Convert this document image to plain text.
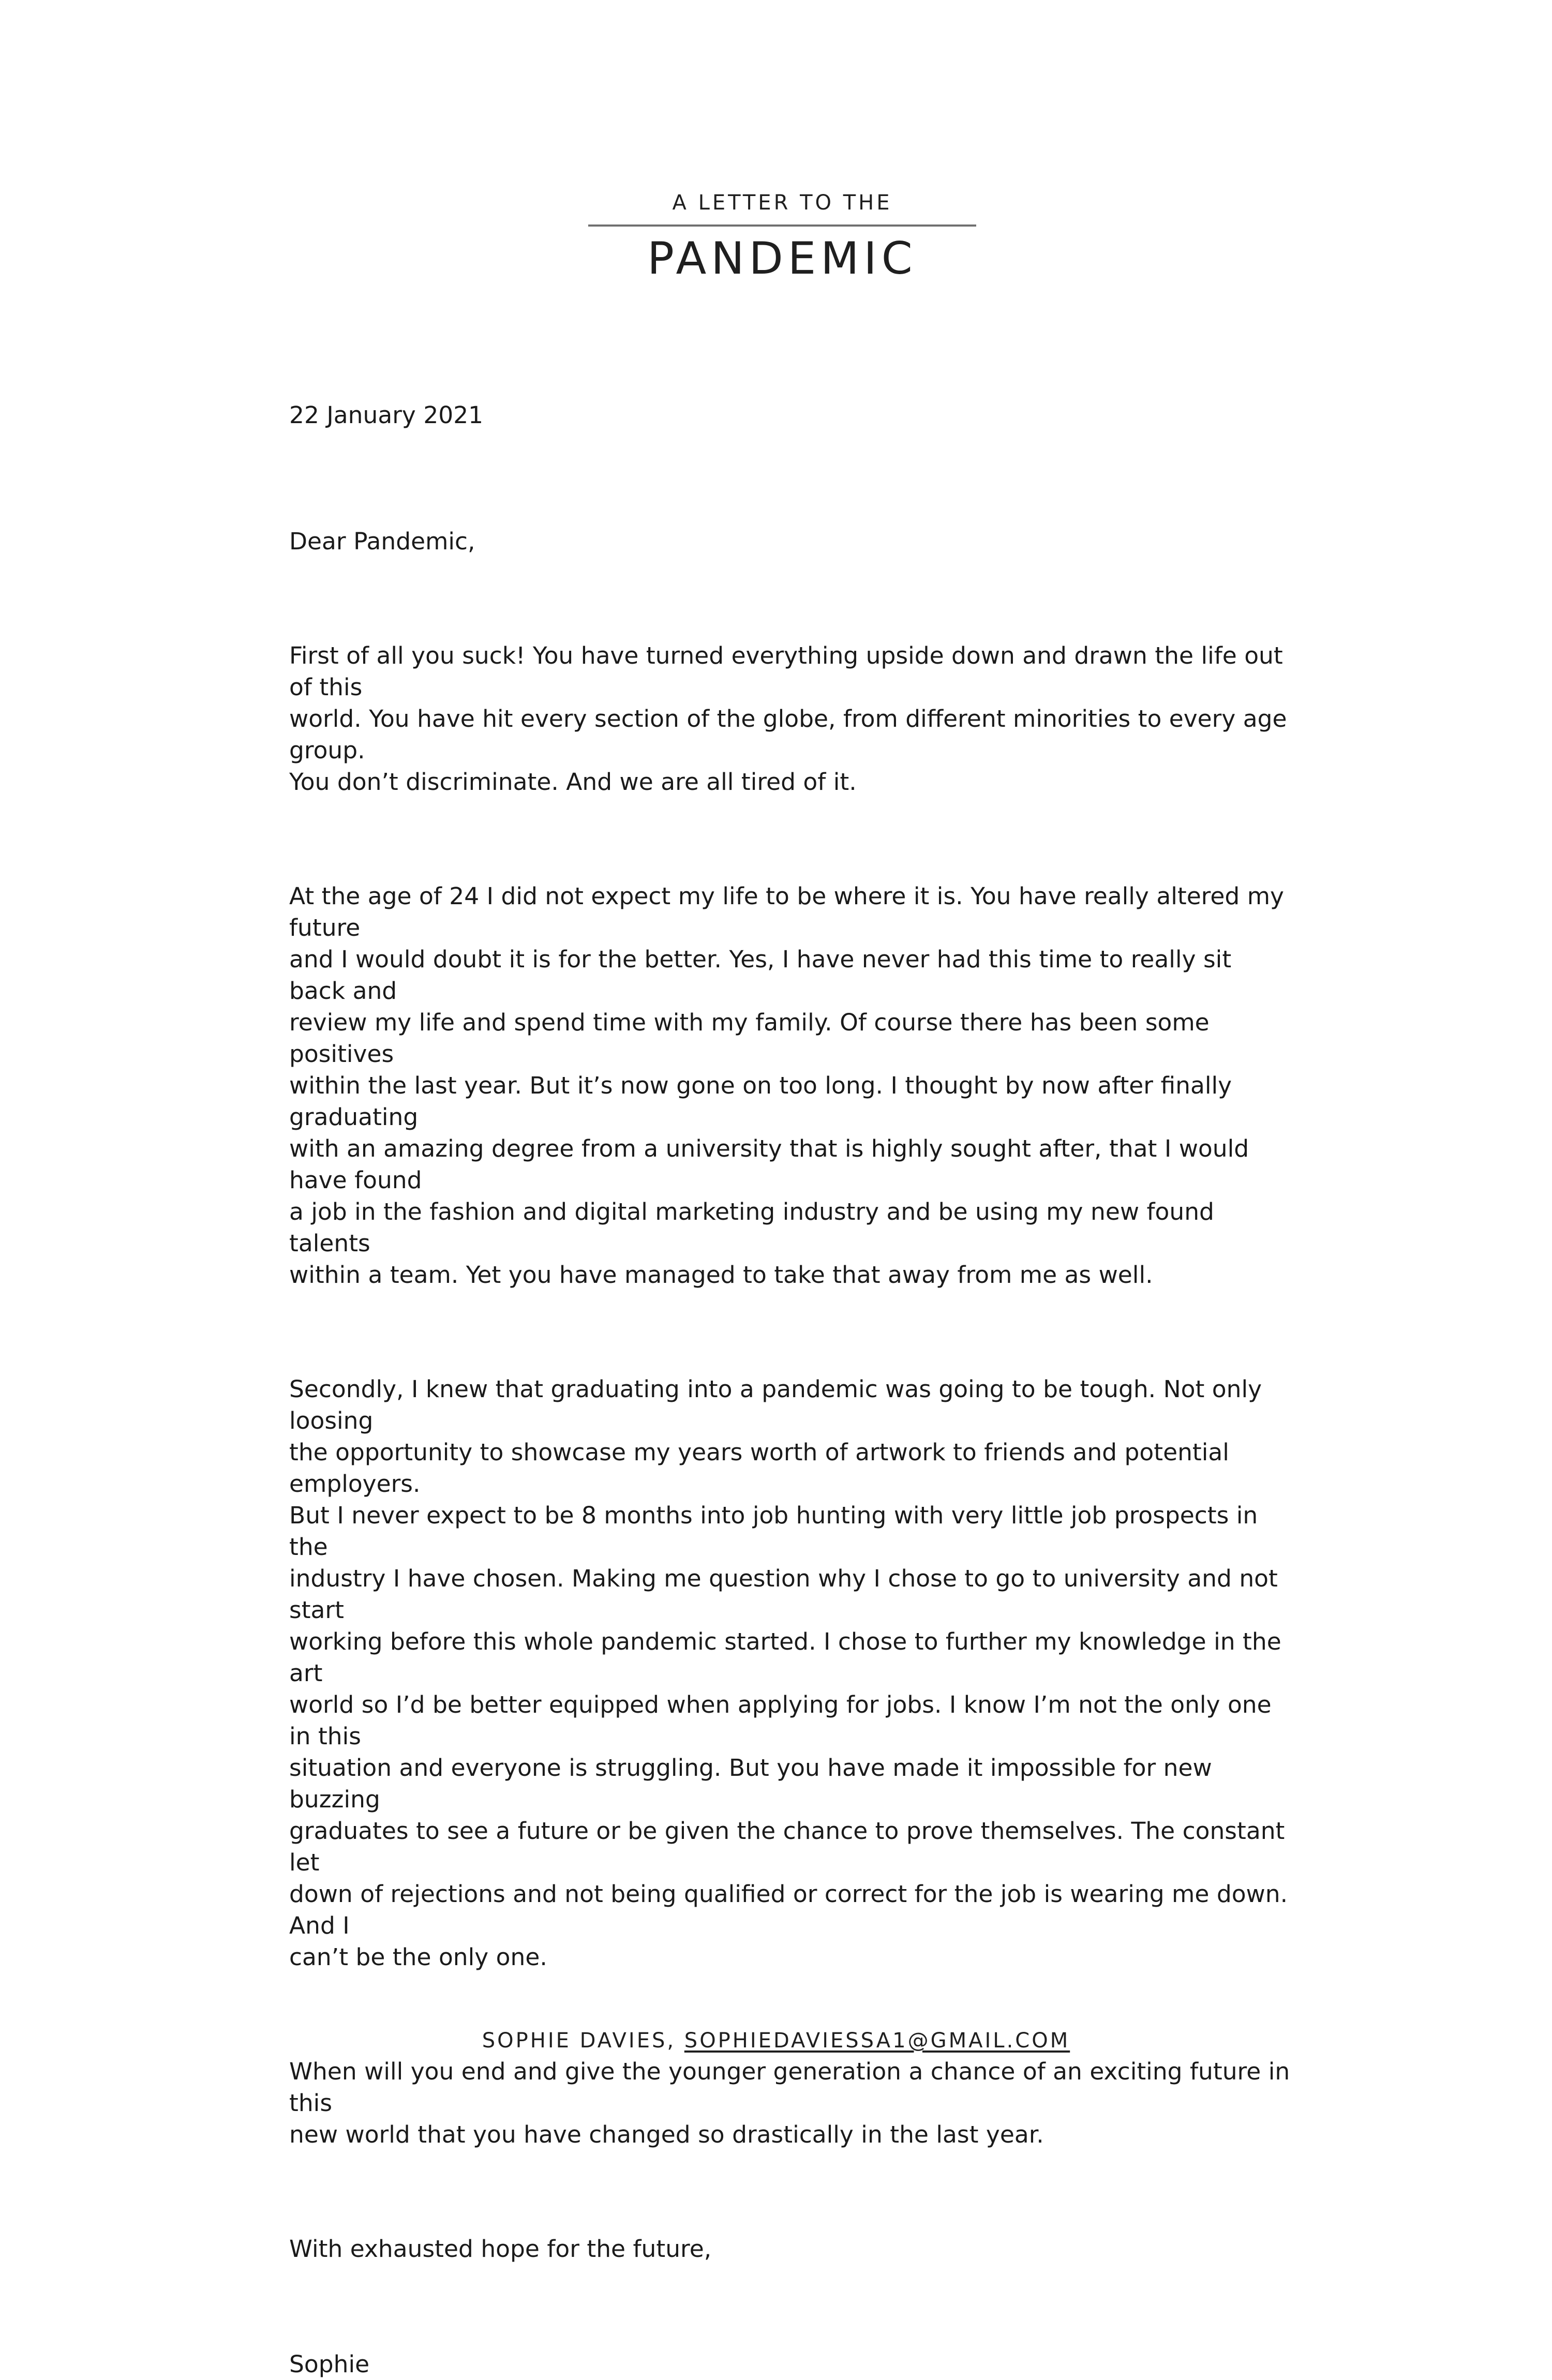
A LETTER TO THE
PANDEMIC

22 January 2021

Dear Pandemic,

First of all you suck! You have turned everything upside down and drawn the life out of this
world. You have hit every section of the globe, from different minorities to every age group.
You don’t discriminate. And we are all tired of it.

At the age of 24 I did not expect my life to be where it is. You have really altered my future
and I would doubt it is for the better. Yes, I have never had this time to really sit back and
review my life and spend time with my family. Of course there has been some positives
within the last year. But it’s now gone on too long. I thought by now after finally graduating
with an amazing degree from a university that is highly sought after, that I would have found
a job in the fashion and digital marketing industry and be using my new found talents
within a team. Yet you have managed to take that away from me as well.

Secondly, I knew that graduating into a pandemic was going to be tough. Not only loosing
the opportunity to showcase my years worth of artwork to friends and potential employers.
But I never expect to be 8 months into job hunting with very little job prospects in the
industry I have chosen. Making me question why I chose to go to university and not start
working before this whole pandemic started. I chose to further my knowledge in the art
world so I’d be better equipped when applying for jobs. I know I’m not the only one in this
situation and everyone is struggling. But you have made it impossible for new buzzing
graduates to see a future or be given the chance to prove themselves. The constant let
down of rejections and not being qualified or correct for the job is wearing me down. And I
can’t be the only one.

When will you end and give the younger generation a chance of an exciting future in this
new world that you have changed so drastically in the last year.

With exhausted hope for the future,

Sophie

SOPHIE DAVIES, SOPHIEDAVIESSA1@GMAIL.COM
